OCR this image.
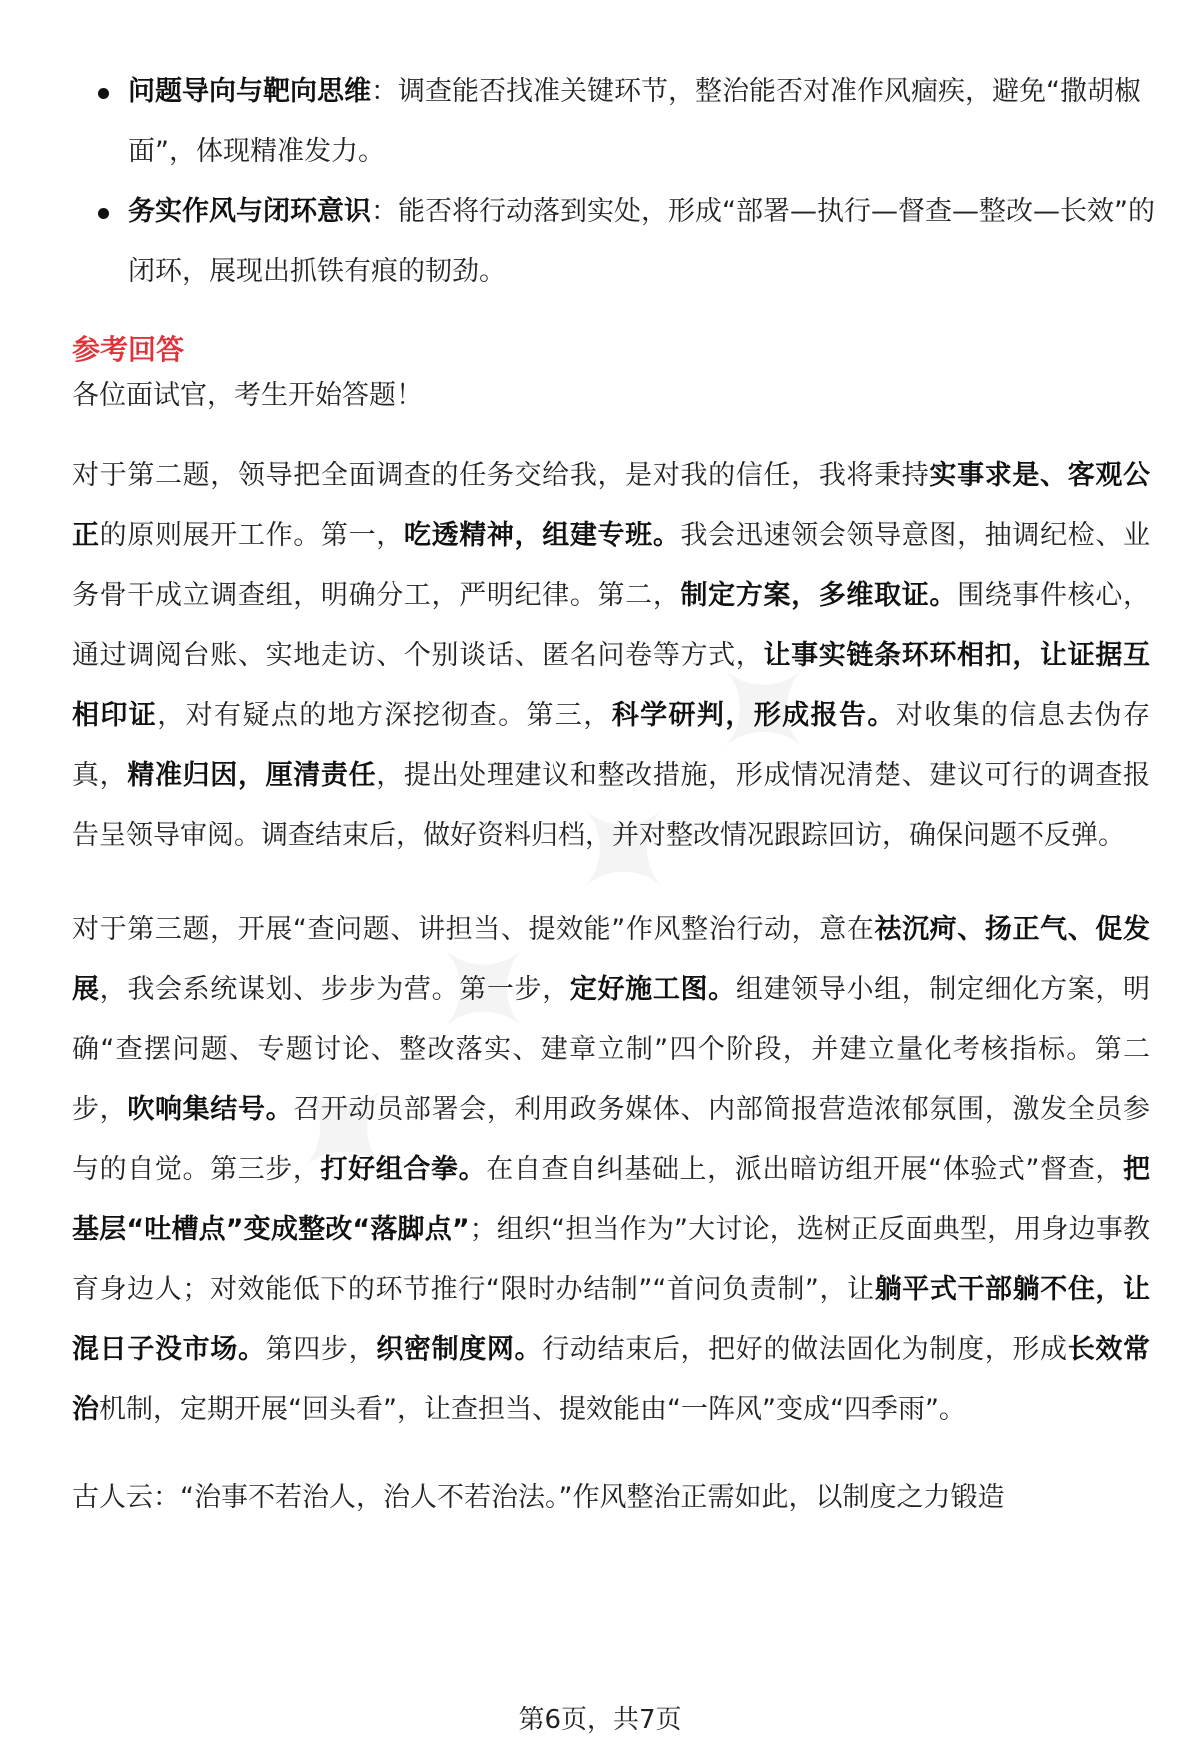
问题导向与靶向思维：调查能否找准关键环节，整治能否对准作风痼疾，避免“撒胡椒面”，体现精准发力。
务实作风与闭环意识：能否将行动落到实处，形成“部署—执行—督查—整改—长效”的闭环，展现出抓铁有痕的韧劲。
参考回答
各位面试官，考生开始答题！
对于第二题，领导把全面调查的任务交给我，是对我的信任，我将秉持实事求是、客观公正的原则展开工作。第一，吃透精神，组建专班。我会迅速领会领导意图，抽调纪检、业务骨干成立调查组，明确分工，严明纪律。第二，制定方案，多维取证。围绕事件核心，通过调阅台账、实地走访、个别谈话、匿名问卷等方式，让事实链条环环相扣，让证据互相印证，对有疑点的地方深挖彻查。第三，科学研判，形成报告。对收集的信息去伪存真，精准归因，厘清责任，提出处理建议和整改措施，形成情况清楚、建议可行的调查报告呈领导审阅。调查结束后，做好资料归档，并对整改情况跟踪回访，确保问题不反弹。
对于第三题，开展“查问题、讲担当、提效能”作风整治行动，意在祛沉疴、扬正气、促发展，我会系统谋划、步步为营。第一步，定好施工图。组建领导小组，制定细化方案，明确“查摆问题、专题讨论、整改落实、建章立制”四个阶段，并建立量化考核指标。第二步，吹响集结号。召开动员部署会，利用政务媒体、内部简报营造浓郁氛围，激发全员参与的自觉。第三步，打好组合拳。在自查自纠基础上，派出暗访组开展“体验式”督查，把基层“吐槽点”变成整改“落脚点”；组织“担当作为”大讨论，选树正反面典型，用身边事教育身边人；对效能低下的环节推行“限时办结制”“首问负责制”，让躺平式干部躺不住，让混日子没市场。第四步，织密制度网。行动结束后，把好的做法固化为制度，形成长效常治机制，定期开展“回头看”，让查担当、提效能由“一阵风”变成“四季雨”。
古人云：“治事不若治人，治人不若治法。”作风整治正需如此，以制度之力锻造
第6页，共7页
